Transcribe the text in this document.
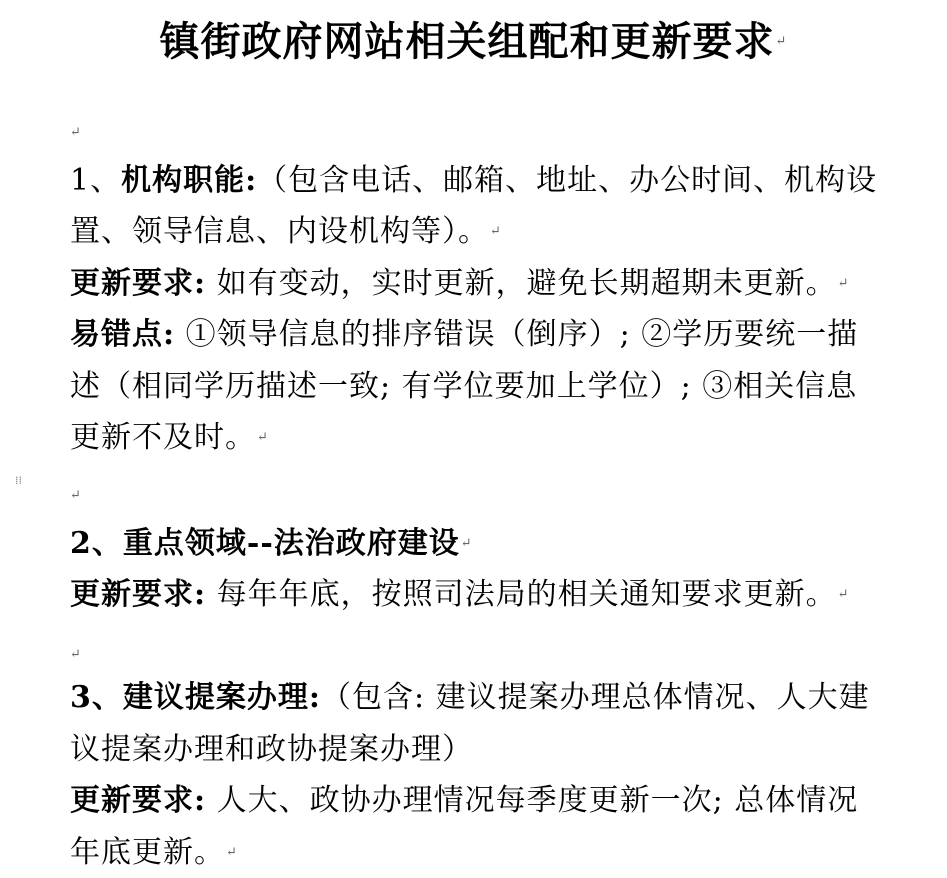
镇街政府网站相关组配和更新要求↵
↵
1、机构职能:（包含电话、邮箱、地址、办公时间、机构设
置、领导信息、内设机构等）。↵
更新要求: 如有变动，实时更新，避免长期超期未更新。↵
易错点: ①领导信息的排序错误（倒序）; ②学历要统一描
述（相同学历描述一致; 有学位要加上学位）; ③相关信息
更新不及时。↵
⁞⁞
↵
2、重点领域--法治政府建设↵
更新要求: 每年年底，按照司法局的相关通知要求更新。↵
↵
3、建议提案办理:（包含: 建议提案办理总体情况、人大建
议提案办理和政协提案办理）
更新要求: 人大、政协办理情况每季度更新一次; 总体情况
年底更新。↵
